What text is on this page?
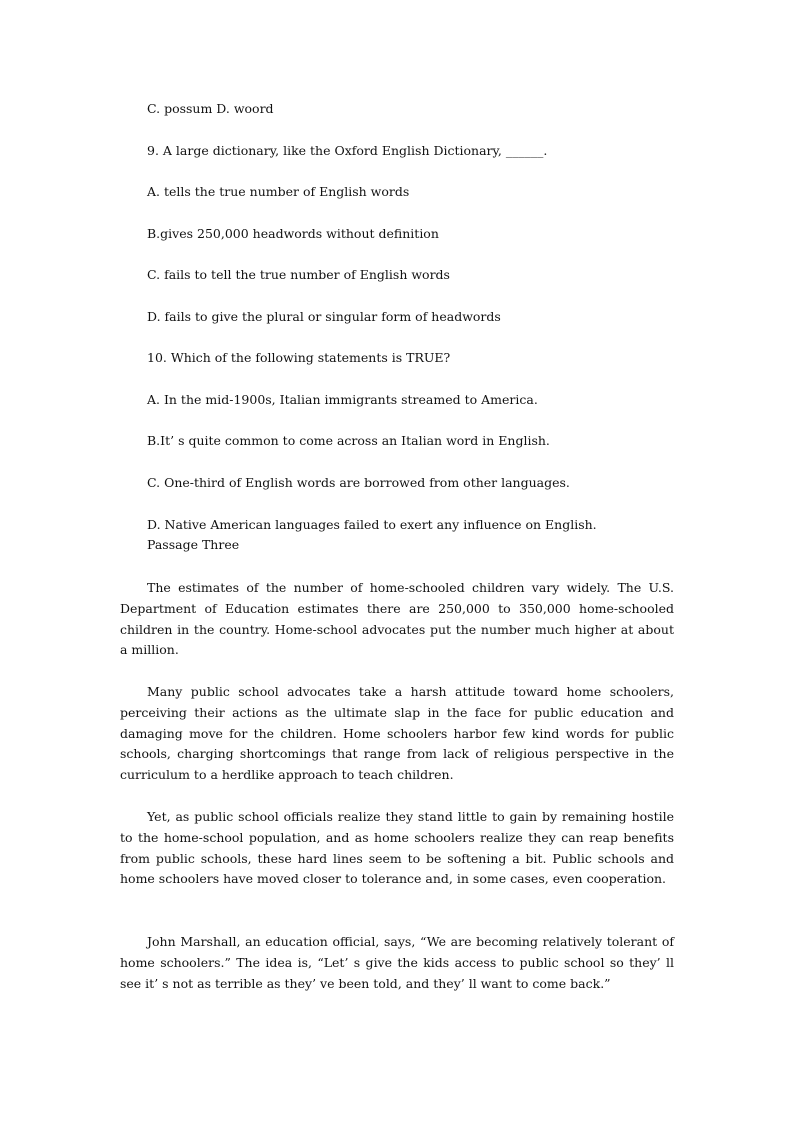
C. possum D. woord

9. A large dictionary, like the Oxford English Dictionary, ______.

A. tells the true number of English words

B.gives 250,000 headwords without definition

C. fails to tell the true number of English words

D. fails to give the plural or singular form of headwords

10. Which of the following statements is TRUE?

A. In the mid-1900s, Italian immigrants streamed to America.

B.It’ s quite common to come across an Italian word in English.

C. One-third of English words are borrowed from other languages.

D. Native American languages failed to exert any influence on English.

Passage Three

The estimates of the number of home-schooled children vary widely. The U.S. Department of Education estimates there are 250,000 to 350,000 home-schooled children in the country. Home-school advocates put the number much higher at about a million.

Many public school advocates take a harsh attitude toward home schoolers, perceiving their actions as the ultimate slap in the face for public education and damaging move for the children. Home schoolers harbor few kind words for public schools, charging shortcomings that range from lack of religious perspective in the curriculum to a herdlike approach to teach children.

Yet, as public school officials realize they stand little to gain by remaining hostile to the home-school population, and as home schoolers realize they can reap benefits from public schools, these hard lines seem to be softening a bit. Public schools and home schoolers have moved closer to tolerance and, in some cases, even cooperation.

John Marshall, an education official, says, “We are becoming relatively tolerant of home schoolers.” The idea is, “Let’ s give the kids access to public school so they’ ll see it’ s not as terrible as they’ ve been told, and they’ ll want to come back.”
